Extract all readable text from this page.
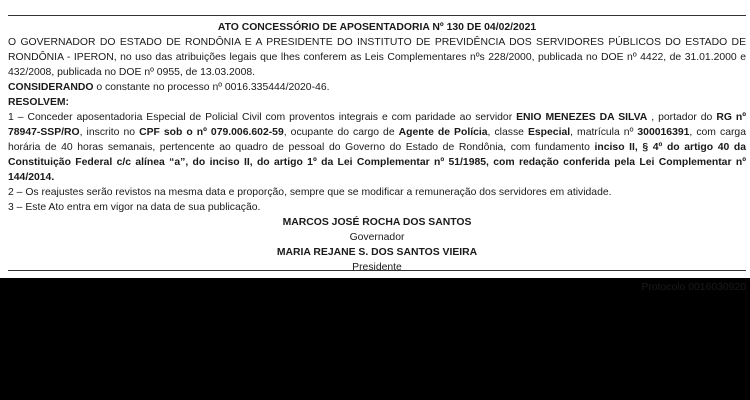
ATO CONCESSÓRIO DE APOSENTADORIA Nº 130 DE 04/02/2021

O GOVERNADOR DO ESTADO DE RONDÔNIA E A PRESIDENTE DO INSTITUTO DE PREVIDÊNCIA DOS SERVIDORES PÚBLICOS DO ESTADO DE RONDÔNIA - IPERON, no uso das atribuições legais que lhes conferem as Leis Complementares nºs 228/2000, publicada no DOE nº 4422, de 31.01.2000 e 432/2008, publicada no DOE nº 0955, de 13.03.2008.

CONSIDERANDO o constante no processo nº 0016.335444/2020-46.

RESOLVEM:

1 – Conceder aposentadoria Especial de Policial Civil com proventos integrais e com paridade ao servidor ENIO MENEZES DA SILVA , portador do RG nº 78947-SSP/RO, inscrito no CPF sob o nº 079.006.602-59, ocupante do cargo de Agente de Polícia, classe Especial, matrícula nº 300016391, com carga horária de 40 horas semanais, pertencente ao quadro de pessoal do Governo do Estado de Rondônia, com fundamento inciso II, § 4º do artigo 40 da Constituição Federal c/c alínea “a”, do inciso II, do artigo 1º da Lei Complementar nº 51/1985, com redação conferida pela Lei Complementar nº 144/2014.

2 – Os reajustes serão revistos na mesma data e proporção, sempre que se modificar a remuneração dos servidores em atividade.

3 – Este Ato entra em vigor na data de sua publicação.

MARCOS JOSÉ ROCHA DOS SANTOS

Governador

MARIA REJANE S. DOS SANTOS VIEIRA

Presidente

Protocolo 0016030920
